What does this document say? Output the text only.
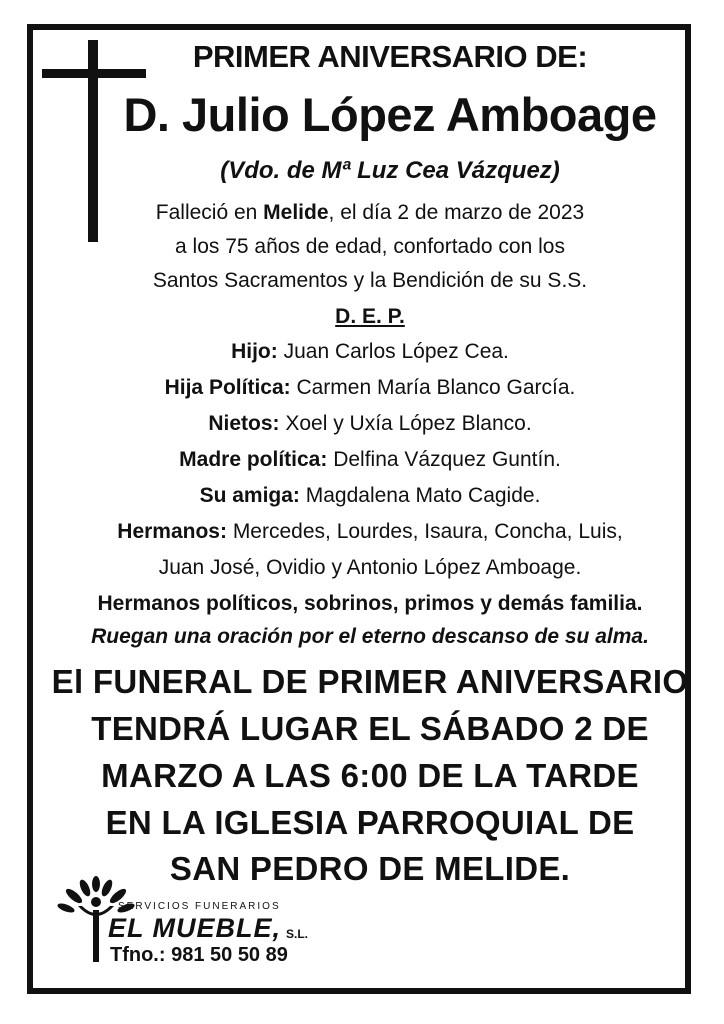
PRIMER ANIVERSARIO DE:
D. Julio López Amboage
(Vdo. de Mª Luz Cea Vázquez)
Falleció en Melide, el día 2 de marzo de 2023
a los 75 años de edad, confortado con los
Santos Sacramentos y la Bendición de su S.S.
D. E. P.
Hijo: Juan Carlos López Cea.
Hija Política: Carmen María Blanco García.
Nietos: Xoel y Uxía López Blanco.
Madre política: Delfina Vázquez Guntín.
Su amiga: Magdalena Mato Cagide.
Hermanos: Mercedes, Lourdes, Isaura, Concha, Luis,
Juan José, Ovidio y Antonio López Amboage.
Hermanos políticos, sobrinos, primos y demás familia.
Ruegan una oración por el eterno descanso de su alma.
El FUNERAL DE PRIMER ANIVERSARIO
TENDRÁ LUGAR EL SÁBADO 2 DE
MARZO A LAS 6:00 DE LA TARDE
EN LA IGLESIA PARROQUIAL DE
SAN PEDRO DE MELIDE.
SERVICIOS FUNERARIOS
EL MUEBLE, S.L.
Tfno.: 981 50 50 89
